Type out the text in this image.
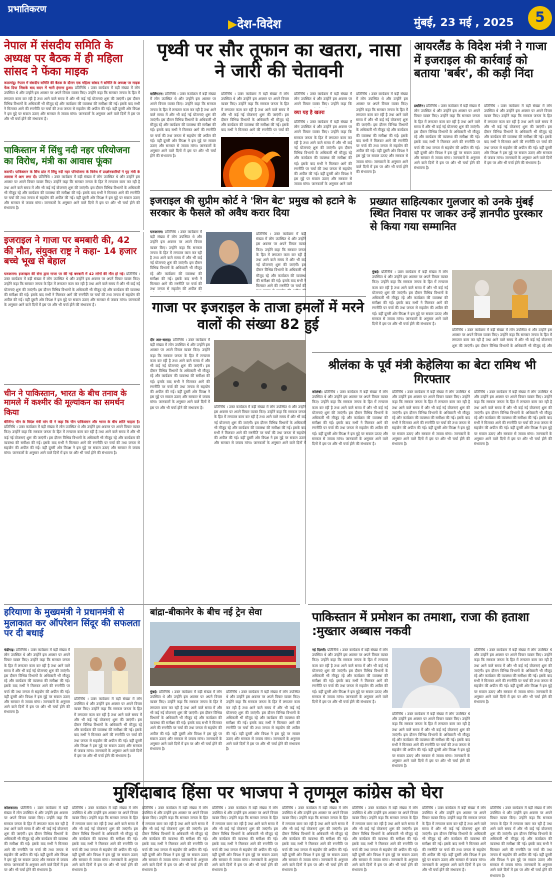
प्रभातिकरण
▶देश-विदेश	मुंबई, 23 मई , 2025	5
नेपाल में संसदीय समिति के अध्यक्ष पर बैठक में ही महिला सांसद ने फेंका माइक
काठमांडू। नेपाल में संसदीय समिति की बैठक के दौरान एक महिला सांसद ने समिति के अध्यक्ष पर माइक फेंक दिया जिसके बाद सदन में भारी हंगामा हुआ। प्रतिनिधि । उक्त कार्यक्रम में बड़ी संख्या में लोग उपस्थित थे और उन्होंने इस अवसर पर अपने विचार व्यक्त किए। उन्होंने कहा कि सरकार जनता के हित में लगातार काम कर रही है तथा आने वाले समय में और भी कई नई योजनाएं शुरू की जाएंगी। इस दौरान विभिन्न विभागों के अधिकारी भी मौजूद रहे और कार्यक्रम की व्यवस्था की समीक्षा की गई। इसके बाद सभी ने मिलकर आगे की रणनीति पर चर्चा की तथा जनता से सहयोग की अपील की गई। वहीं दूसरी ओर विपक्ष ने इस मुद्दे पर सवाल उठाए और सरकार से जवाब मांगा। जानकारों के अनुसार आने वाले दिनों में इस पर और भी चर्चा होने की संभावना है।
पाकिस्तान में सिंधु नदी नहर परियोजना का विरोध, मंत्री का आवास फूंका
कराची। पाकिस्तान के सिंध प्रांत में सिंधु नदी नहर परियोजना के विरोध में प्रदर्शनकारियों ने गृह मंत्री के आवास में आग लगा दी। प्रतिनिधि । उक्त कार्यक्रम में बड़ी संख्या में लोग उपस्थित थे और उन्होंने इस अवसर पर अपने विचार व्यक्त किए। उन्होंने कहा कि सरकार जनता के हित में लगातार काम कर रही है तथा आने वाले समय में और भी कई नई योजनाएं शुरू की जाएंगी। इस दौरान विभिन्न विभागों के अधिकारी भी मौजूद रहे और कार्यक्रम की व्यवस्था की समीक्षा की गई। इसके बाद सभी ने मिलकर आगे की रणनीति पर चर्चा की तथा जनता से सहयोग की अपील की गई। वहीं दूसरी ओर विपक्ष ने इस मुद्दे पर सवाल उठाए और सरकार से जवाब मांगा। जानकारों के अनुसार आने वाले दिनों में इस पर और भी चर्चा होने की संभावना है।
इजराइल ने गाजा पर बमबारी की, 42 की मौत, संयुक्त राष्ट्र ने कहा- 14 हजार बच्चे भूख से बेहाल
यरूशलम। इजराइल की सेना द्वारा गाजा पर की गई बमबारी में 42 लोगों की मौत हो गई। प्रतिनिधि । उक्त कार्यक्रम में बड़ी संख्या में लोग उपस्थित थे और उन्होंने इस अवसर पर अपने विचार व्यक्त किए। उन्होंने कहा कि सरकार जनता के हित में लगातार काम कर रही है तथा आने वाले समय में और भी कई नई योजनाएं शुरू की जाएंगी। इस दौरान विभिन्न विभागों के अधिकारी भी मौजूद रहे और कार्यक्रम की व्यवस्था की समीक्षा की गई। इसके बाद सभी ने मिलकर आगे की रणनीति पर चर्चा की तथा जनता से सहयोग की अपील की गई। वहीं दूसरी ओर विपक्ष ने इस मुद्दे पर सवाल उठाए और सरकार से जवाब मांगा। जानकारों के अनुसार आने वाले दिनों में इस पर और भी चर्चा होने की संभावना है।
चीन ने पाकिस्तान, भारत के बीच तनाव के मामले में कश्मीर की मूल्यांकन का समर्थन किया
बीजिंग। चीन के विदेश मंत्री वांग यी ने कहा कि चीन पाकिस्तान और भारत के बीच शांति चाहता है। प्रतिनिधि । उक्त कार्यक्रम में बड़ी संख्या में लोग उपस्थित थे और उन्होंने इस अवसर पर अपने विचार व्यक्त किए। उन्होंने कहा कि सरकार जनता के हित में लगातार काम कर रही है तथा आने वाले समय में और भी कई नई योजनाएं शुरू की जाएंगी। इस दौरान विभिन्न विभागों के अधिकारी भी मौजूद रहे और कार्यक्रम की व्यवस्था की समीक्षा की गई। इसके बाद सभी ने मिलकर आगे की रणनीति पर चर्चा की तथा जनता से सहयोग की अपील की गई। वहीं दूसरी ओर विपक्ष ने इस मुद्दे पर सवाल उठाए और सरकार से जवाब मांगा। जानकारों के अनुसार आने वाले दिनों में इस पर और भी चर्चा होने की संभावना है।
पृथ्वी पर सौर तूफान का खतरा, नासा ने जारी की चेतावनी
वाशिंगटन। प्रतिनिधि । उक्त कार्यक्रम में बड़ी संख्या में लोग उपस्थित थे और उन्होंने इस अवसर पर अपने विचार व्यक्त किए। उन्होंने कहा कि सरकार जनता के हित में लगातार काम कर रही है तथा आने वाले समय में और भी कई नई योजनाएं शुरू की जाएंगी। इस दौरान विभिन्न विभागों के अधिकारी भी मौजूद रहे और कार्यक्रम की व्यवस्था की समीक्षा की गई। इसके बाद सभी ने मिलकर आगे की रणनीति पर चर्चा की तथा जनता से सहयोग की अपील की गई। वहीं दूसरी ओर विपक्ष ने इस मुद्दे पर सवाल उठाए और सरकार से जवाब मांगा। जानकारों के अनुसार आने वाले दिनों में इस पर और भी चर्चा होने की संभावना है।
प्रतिनिधि । उक्त कार्यक्रम में बड़ी संख्या में लोग उपस्थित थे और उन्होंने इस अवसर पर अपने विचार व्यक्त किए। उन्होंने कहा कि सरकार जनता के हित में लगातार काम कर रही है तथा आने वाले समय में और भी कई नई योजनाएं शुरू की जाएंगी। इस दौरान विभिन्न विभागों के अधिकारी भी मौजूद रहे और कार्यक्रम की व्यवस्था की समीक्षा की गई। इसके बाद सभी ने मिलकर आगे की रणनीति पर चर्चा की
प्रतिनिधि । उक्त कार्यक्रम में बड़ी संख्या में लोग उपस्थित थे और उन्होंने इस अवसर पर अपने विचार व्यक्त किए। उन्होंने कहा कि
क्या यह है खतरा
प्रतिनिधि । उक्त कार्यक्रम में बड़ी संख्या में लोग उपस्थित थे और उन्होंने इस अवसर पर अपने विचार व्यक्त किए। उन्होंने कहा कि सरकार जनता के हित में लगातार काम कर रही है तथा आने वाले समय में और भी कई नई योजनाएं शुरू की जाएंगी। इस दौरान विभिन्न विभागों के अधिकारी भी मौजूद रहे और कार्यक्रम की व्यवस्था की समीक्षा की गई। इसके बाद सभी ने मिलकर आगे की रणनीति पर चर्चा की तथा जनता से सहयोग की अपील की गई। वहीं दूसरी ओर विपक्ष ने इस मुद्दे पर सवाल उठाए और सरकार से जवाब मांगा। जानकारों के अनुसार आने वाले
प्रतिनिधि । उक्त कार्यक्रम में बड़ी संख्या में लोग उपस्थित थे और उन्होंने इस अवसर पर अपने विचार व्यक्त किए। उन्होंने कहा कि सरकार जनता के हित में लगातार काम कर रही है तथा आने वाले समय में और भी कई नई योजनाएं शुरू की जाएंगी। इस दौरान विभिन्न विभागों के अधिकारी भी मौजूद रहे और कार्यक्रम की व्यवस्था की समीक्षा की गई। इसके बाद सभी ने मिलकर आगे की रणनीति पर चर्चा की तथा जनता से सहयोग की अपील की गई। वहीं दूसरी ओर विपक्ष ने इस मुद्दे पर सवाल उठाए और सरकार से जवाब मांगा। जानकारों के अनुसार आने वाले दिनों में इस पर और भी चर्चा होने की संभावना है।
आयरलैंड के विदेश मंत्री ने गाजा में इजराइल की कार्रवाई को बताया 'बर्बर', की कड़ी निंदा
डबलिन। प्रतिनिधि । उक्त कार्यक्रम में बड़ी संख्या में लोग उपस्थित थे और उन्होंने इस अवसर पर अपने विचार व्यक्त किए। उन्होंने कहा कि सरकार जनता के हित में लगातार काम कर रही है तथा आने वाले समय में और भी कई नई योजनाएं शुरू की जाएंगी। इस दौरान विभिन्न विभागों के अधिकारी भी मौजूद रहे और कार्यक्रम की व्यवस्था की समीक्षा की गई। इसके बाद सभी ने मिलकर आगे की रणनीति पर चर्चा की तथा जनता से सहयोग की अपील की गई। वहीं दूसरी ओर विपक्ष ने इस मुद्दे पर सवाल उठाए और सरकार से जवाब मांगा। जानकारों के अनुसार आने वाले दिनों में इस पर और भी चर्चा होने की संभावना है।
प्रतिनिधि । उक्त कार्यक्रम में बड़ी संख्या में लोग उपस्थित थे और उन्होंने इस अवसर पर अपने विचार व्यक्त किए। उन्होंने कहा कि सरकार जनता के हित में लगातार काम कर रही है तथा आने वाले समय में और भी कई नई योजनाएं शुरू की जाएंगी। इस दौरान विभिन्न विभागों के अधिकारी भी मौजूद रहे और कार्यक्रम की व्यवस्था की समीक्षा की गई। इसके बाद सभी ने मिलकर आगे की रणनीति पर चर्चा की तथा जनता से सहयोग की अपील की गई। वहीं दूसरी ओर विपक्ष ने इस मुद्दे पर सवाल उठाए और सरकार से जवाब मांगा। जानकारों के अनुसार आने वाले दिनों में इस पर और भी चर्चा होने की संभावना है।
इजराइल की सुप्रीम कोर्ट ने 'शिन बेट' प्रमुख को हटाने के सरकार के फैसले को अवैध करार दिया
यरूशलम। प्रतिनिधि । उक्त कार्यक्रम में बड़ी संख्या में लोग उपस्थित थे और उन्होंने इस अवसर पर अपने विचार व्यक्त किए। उन्होंने कहा कि सरकार जनता के हित में लगातार काम कर रही है तथा आने वाले समय में और भी कई नई योजनाएं शुरू की जाएंगी। इस दौरान विभिन्न विभागों के अधिकारी भी मौजूद रहे और कार्यक्रम की व्यवस्था की समीक्षा की गई। इसके बाद सभी ने मिलकर आगे की रणनीति पर चर्चा की तथा जनता से सहयोग की अपील की
प्रतिनिधि । उक्त कार्यक्रम में बड़ी संख्या में लोग उपस्थित थे और उन्होंने इस अवसर पर अपने विचार व्यक्त किए। उन्होंने कहा कि सरकार जनता के हित में लगातार काम कर रही है तथा आने वाले समय में और भी कई नई योजनाएं शुरू की जाएंगी। इस दौरान विभिन्न विभागों के अधिकारी भी मौजूद रहे और कार्यक्रम की व्यवस्था की समीक्षा की गई। इसके बाद सभी ने मिलकर आगे की रणनीति पर चर्चा की
प्रख्यात साहित्यकार गुलजार को उनके मुंबई स्थित निवास पर जाकर उन्हें ज्ञानपीठ पुरस्कार से किया गया सम्मानित
मुंबई। प्रतिनिधि । उक्त कार्यक्रम में बड़ी संख्या में लोग उपस्थित थे और उन्होंने इस अवसर पर अपने विचार व्यक्त किए। उन्होंने कहा कि सरकार जनता के हित में लगातार काम कर रही है तथा आने वाले समय में और भी कई नई योजनाएं शुरू की जाएंगी। इस दौरान विभिन्न विभागों के अधिकारी भी मौजूद रहे और कार्यक्रम की व्यवस्था की समीक्षा की गई। इसके बाद सभी ने मिलकर आगे की रणनीति पर चर्चा की तथा जनता से सहयोग की अपील की गई। वहीं दूसरी ओर विपक्ष ने इस मुद्दे पर सवाल उठाए और सरकार से जवाब मांगा। जानकारों के अनुसार आने वाले दिनों में इस पर और भी चर्चा होने की संभावना है।
प्रतिनिधि । उक्त कार्यक्रम में बड़ी संख्या में लोग उपस्थित थे और उन्होंने इस अवसर पर अपने विचार व्यक्त किए। उन्होंने कहा कि सरकार जनता के हित में लगातार काम कर रही है तथा आने वाले समय में और भी कई नई योजनाएं शुरू की जाएंगी। इस दौरान विभिन्न विभागों के अधिकारी भी मौजूद रहे और
गाजा पर इजराइल के ताजा हमलों में मरने वालों की संख्या 82 हुई
दीर अल-बलाह। प्रतिनिधि । उक्त कार्यक्रम में बड़ी संख्या में लोग उपस्थित थे और उन्होंने इस अवसर पर अपने विचार व्यक्त किए। उन्होंने कहा कि सरकार जनता के हित में लगातार काम कर रही है तथा आने वाले समय में और भी कई नई योजनाएं शुरू की जाएंगी। इस दौरान विभिन्न विभागों के अधिकारी भी मौजूद रहे और कार्यक्रम की व्यवस्था की समीक्षा की गई। इसके बाद सभी ने मिलकर आगे की रणनीति पर चर्चा की तथा जनता से सहयोग की अपील की गई। वहीं दूसरी ओर विपक्ष ने इस मुद्दे पर सवाल उठाए और सरकार से जवाब मांगा। जानकारों के अनुसार आने वाले दिनों में इस पर और भी चर्चा होने की संभावना है।	प्रतिनिधि । उक्त कार्यक्रम में बड़ी संख्या में लोग उपस्थित थे और उन्होंने इस अवसर पर अपने विचार व्यक्त किए। उन्होंने कहा कि सरकार जनता के हित में लगातार काम कर रही है तथा आने वाले समय में और भी कई नई योजनाएं शुरू की जाएंगी। इस दौरान विभिन्न विभागों के अधिकारी भी मौजूद रहे और कार्यक्रम की व्यवस्था की समीक्षा की गई। इसके बाद सभी ने मिलकर आगे की रणनीति पर चर्चा की तथा जनता से सहयोग की अपील की गई। वहीं दूसरी ओर विपक्ष ने इस मुद्दे पर सवाल उठाए और सरकार से जवाब मांगा। जानकारों के अनुसार आने वाले दिनों में
श्रीलंका के पूर्व मंत्री केहेलिया का बेटा रामिथ भी गिरफ्तार
कोलंबो। प्रतिनिधि । उक्त कार्यक्रम में बड़ी संख्या में लोग उपस्थित थे और उन्होंने इस अवसर पर अपने विचार व्यक्त किए। उन्होंने कहा कि सरकार जनता के हित में लगातार काम कर रही है तथा आने वाले समय में और भी कई नई योजनाएं शुरू की जाएंगी। इस दौरान विभिन्न विभागों के अधिकारी भी मौजूद रहे और कार्यक्रम की व्यवस्था की समीक्षा की गई। इसके बाद सभी ने मिलकर आगे की रणनीति पर चर्चा की तथा जनता से सहयोग की अपील की गई। वहीं दूसरी ओर विपक्ष ने इस मुद्दे पर सवाल उठाए और सरकार से जवाब मांगा। जानकारों के अनुसार आने वाले दिनों में इस पर और भी चर्चा होने की संभावना है।
प्रतिनिधि । उक्त कार्यक्रम में बड़ी संख्या में लोग उपस्थित थे और उन्होंने इस अवसर पर अपने विचार व्यक्त किए। उन्होंने कहा कि सरकार जनता के हित में लगातार काम कर रही है तथा आने वाले समय में और भी कई नई योजनाएं शुरू की जाएंगी। इस दौरान विभिन्न विभागों के अधिकारी भी मौजूद रहे और कार्यक्रम की व्यवस्था की समीक्षा की गई। इसके बाद सभी ने मिलकर आगे की रणनीति पर चर्चा की तथा जनता से सहयोग की अपील की गई। वहीं दूसरी ओर विपक्ष ने इस मुद्दे पर सवाल उठाए और सरकार से जवाब मांगा। जानकारों के अनुसार आने वाले दिनों में इस पर और भी चर्चा होने की संभावना है।
प्रतिनिधि । उक्त कार्यक्रम में बड़ी संख्या में लोग उपस्थित थे और उन्होंने इस अवसर पर अपने विचार व्यक्त किए। उन्होंने कहा कि सरकार जनता के हित में लगातार काम कर रही है तथा आने वाले समय में और भी कई नई योजनाएं शुरू की जाएंगी। इस दौरान विभिन्न विभागों के अधिकारी भी मौजूद रहे और कार्यक्रम की व्यवस्था की समीक्षा की गई। इसके बाद सभी ने मिलकर आगे की रणनीति पर चर्चा की तथा जनता से सहयोग की अपील की गई। वहीं दूसरी ओर विपक्ष ने इस मुद्दे पर सवाल उठाए और सरकार से जवाब मांगा। जानकारों के अनुसार आने वाले दिनों में इस पर और भी चर्चा होने की संभावना है।
हरियाणा के मुख्यमंत्री ने प्रधानमंत्री से मुलाकात कर ऑपरेशन सिंदूर की सफलता पर दी बधाई
चंडीगढ़। प्रतिनिधि । उक्त कार्यक्रम में बड़ी संख्या में लोग उपस्थित थे और उन्होंने इस अवसर पर अपने विचार व्यक्त किए। उन्होंने कहा कि सरकार जनता के हित में लगातार काम कर रही है तथा आने वाले समय में और भी कई नई योजनाएं शुरू की जाएंगी। इस दौरान विभिन्न विभागों के अधिकारी भी मौजूद रहे और कार्यक्रम की व्यवस्था की समीक्षा की गई। इसके बाद सभी ने मिलकर आगे की रणनीति पर चर्चा की तथा जनता से सहयोग की अपील की गई। वहीं दूसरी ओर विपक्ष ने इस मुद्दे पर सवाल उठाए और सरकार से जवाब मांगा। जानकारों के अनुसार आने वाले दिनों में इस पर और भी चर्चा होने की संभावना है।
प्रतिनिधि । उक्त कार्यक्रम में बड़ी संख्या में लोग उपस्थित थे और उन्होंने इस अवसर पर अपने विचार व्यक्त किए। उन्होंने कहा कि सरकार जनता के हित में लगातार काम कर रही है तथा आने वाले समय में और भी कई नई योजनाएं शुरू की जाएंगी। इस दौरान विभिन्न विभागों के अधिकारी भी मौजूद रहे और कार्यक्रम की व्यवस्था की समीक्षा की गई। इसके बाद सभी ने मिलकर आगे की रणनीति पर चर्चा की तथा जनता से सहयोग की अपील की गई। वहीं दूसरी ओर विपक्ष ने इस मुद्दे पर सवाल उठाए और सरकार से जवाब मांगा। जानकारों के अनुसार आने वाले दिनों में इस पर और भी चर्चा होने की संभावना है।
बांद्रा-बीकानेर के बीच नई ट्रेन सेवा
मुंबई। प्रतिनिधि । उक्त कार्यक्रम में बड़ी संख्या में लोग उपस्थित थे और उन्होंने इस अवसर पर अपने विचार व्यक्त किए। उन्होंने कहा कि सरकार जनता के हित में लगातार काम कर रही है तथा आने वाले समय में और भी कई नई योजनाएं शुरू की जाएंगी। इस दौरान विभिन्न विभागों के अधिकारी भी मौजूद रहे और कार्यक्रम की व्यवस्था की समीक्षा की गई। इसके बाद सभी ने मिलकर आगे की रणनीति पर चर्चा की तथा जनता से सहयोग की अपील की गई। वहीं दूसरी ओर विपक्ष ने इस मुद्दे पर सवाल उठाए और सरकार से जवाब मांगा। जानकारों के अनुसार आने वाले दिनों में इस पर और भी चर्चा होने की संभावना है।
प्रतिनिधि । उक्त कार्यक्रम में बड़ी संख्या में लोग उपस्थित थे और उन्होंने इस अवसर पर अपने विचार व्यक्त किए। उन्होंने कहा कि सरकार जनता के हित में लगातार काम कर रही है तथा आने वाले समय में और भी कई नई योजनाएं शुरू की जाएंगी। इस दौरान विभिन्न विभागों के अधिकारी भी मौजूद रहे और कार्यक्रम की व्यवस्था की समीक्षा की गई। इसके बाद सभी ने मिलकर आगे की रणनीति पर चर्चा की तथा जनता से सहयोग की अपील की गई। वहीं दूसरी ओर विपक्ष ने इस मुद्दे पर सवाल उठाए और सरकार से जवाब मांगा। जानकारों के अनुसार आने वाले दिनों में इस पर और भी चर्चा होने की संभावना है।
पाकिस्तान में प्रमोशन का तमाशा, राजा की हताशा :मुख्तार अब्बास नकवी
नई दिल्ली। प्रतिनिधि । उक्त कार्यक्रम में बड़ी संख्या में लोग उपस्थित थे और उन्होंने इस अवसर पर अपने विचार व्यक्त किए। उन्होंने कहा कि सरकार जनता के हित में लगातार काम कर रही है तथा आने वाले समय में और भी कई नई योजनाएं शुरू की जाएंगी। इस दौरान विभिन्न विभागों के अधिकारी भी मौजूद रहे और कार्यक्रम की व्यवस्था की समीक्षा की गई। इसके बाद सभी ने मिलकर आगे की रणनीति पर चर्चा की तथा जनता से सहयोग की अपील की गई। वहीं दूसरी ओर विपक्ष ने इस मुद्दे पर सवाल उठाए और सरकार से जवाब मांगा। जानकारों के अनुसार आने वाले दिनों में इस पर और भी चर्चा होने की संभावना है।
प्रतिनिधि । उक्त कार्यक्रम में बड़ी संख्या में लोग उपस्थित थे और उन्होंने इस अवसर पर अपने विचार व्यक्त किए। उन्होंने कहा कि सरकार जनता के हित में लगातार काम कर रही है तथा आने वाले समय में और भी कई नई योजनाएं शुरू की जाएंगी। इस दौरान विभिन्न विभागों के अधिकारी भी मौजूद रहे और कार्यक्रम की व्यवस्था की समीक्षा की गई। इसके बाद सभी ने मिलकर आगे की रणनीति पर चर्चा की तथा जनता से सहयोग की अपील की गई। वहीं दूसरी ओर विपक्ष ने इस मुद्दे पर सवाल उठाए और सरकार से जवाब मांगा। जानकारों के अनुसार आने वाले दिनों में इस पर और भी चर्चा होने की संभावना है।
प्रतिनिधि । उक्त कार्यक्रम में बड़ी संख्या में लोग उपस्थित थे और उन्होंने इस अवसर पर अपने विचार व्यक्त किए। उन्होंने कहा कि सरकार जनता के हित में लगातार काम कर रही है तथा आने वाले समय में और भी कई नई योजनाएं शुरू की जाएंगी। इस दौरान विभिन्न विभागों के अधिकारी भी मौजूद रहे और कार्यक्रम की व्यवस्था की समीक्षा की गई। इसके बाद सभी ने मिलकर आगे की रणनीति पर चर्चा की तथा जनता से सहयोग की अपील की गई। वहीं दूसरी ओर विपक्ष ने इस मुद्दे पर सवाल उठाए और सरकार से जवाब मांगा। जानकारों के अनुसार आने वाले दिनों में इस पर और भी चर्चा होने की संभावना है।
मुर्शिदाबाद हिंसा पर भाजपा ने तृणमूल कांग्रेस को घेरा
कोलकाता। प्रतिनिधि । उक्त कार्यक्रम में बड़ी संख्या में लोग उपस्थित थे और उन्होंने इस अवसर पर अपने विचार व्यक्त किए। उन्होंने कहा कि सरकार जनता के हित में लगातार काम कर रही है तथा आने वाले समय में और भी कई नई योजनाएं शुरू की जाएंगी। इस दौरान विभिन्न विभागों के अधिकारी भी मौजूद रहे और कार्यक्रम की व्यवस्था की समीक्षा की गई। इसके बाद सभी ने मिलकर आगे की रणनीति पर चर्चा की तथा जनता से सहयोग की अपील की गई। वहीं दूसरी ओर विपक्ष ने इस मुद्दे पर सवाल उठाए और सरकार से जवाब मांगा। जानकारों के अनुसार आने वाले दिनों में इस पर और भी चर्चा होने की संभावना है।
प्रतिनिधि । उक्त कार्यक्रम में बड़ी संख्या में लोग उपस्थित थे और उन्होंने इस अवसर पर अपने विचार व्यक्त किए। उन्होंने कहा कि सरकार जनता के हित में लगातार काम कर रही है तथा आने वाले समय में और भी कई नई योजनाएं शुरू की जाएंगी। इस दौरान विभिन्न विभागों के अधिकारी भी मौजूद रहे और कार्यक्रम की व्यवस्था की समीक्षा की गई। इसके बाद सभी ने मिलकर आगे की रणनीति पर चर्चा की तथा जनता से सहयोग की अपील की गई। वहीं दूसरी ओर विपक्ष ने इस मुद्दे पर सवाल उठाए और सरकार से जवाब मांगा। जानकारों के अनुसार आने वाले दिनों में इस पर और भी चर्चा होने की संभावना है।
प्रतिनिधि । उक्त कार्यक्रम में बड़ी संख्या में लोग उपस्थित थे और उन्होंने इस अवसर पर अपने विचार व्यक्त किए। उन्होंने कहा कि सरकार जनता के हित में लगातार काम कर रही है तथा आने वाले समय में और भी कई नई योजनाएं शुरू की जाएंगी। इस दौरान विभिन्न विभागों के अधिकारी भी मौजूद रहे और कार्यक्रम की व्यवस्था की समीक्षा की गई। इसके बाद सभी ने मिलकर आगे की रणनीति पर चर्चा की तथा जनता से सहयोग की अपील की गई। वहीं दूसरी ओर विपक्ष ने इस मुद्दे पर सवाल उठाए और सरकार से जवाब मांगा। जानकारों के अनुसार आने वाले दिनों में इस पर और भी चर्चा होने की संभावना है।
प्रतिनिधि । उक्त कार्यक्रम में बड़ी संख्या में लोग उपस्थित थे और उन्होंने इस अवसर पर अपने विचार व्यक्त किए। उन्होंने कहा कि सरकार जनता के हित में लगातार काम कर रही है तथा आने वाले समय में और भी कई नई योजनाएं शुरू की जाएंगी। इस दौरान विभिन्न विभागों के अधिकारी भी मौजूद रहे और कार्यक्रम की व्यवस्था की समीक्षा की गई। इसके बाद सभी ने मिलकर आगे की रणनीति पर चर्चा की तथा जनता से सहयोग की अपील की गई। वहीं दूसरी ओर विपक्ष ने इस मुद्दे पर सवाल उठाए और सरकार से जवाब मांगा। जानकारों के अनुसार आने वाले दिनों में इस पर और भी चर्चा होने की संभावना है।
प्रतिनिधि । उक्त कार्यक्रम में बड़ी संख्या में लोग उपस्थित थे और उन्होंने इस अवसर पर अपने विचार व्यक्त किए। उन्होंने कहा कि सरकार जनता के हित में लगातार काम कर रही है तथा आने वाले समय में और भी कई नई योजनाएं शुरू की जाएंगी। इस दौरान विभिन्न विभागों के अधिकारी भी मौजूद रहे और कार्यक्रम की व्यवस्था की समीक्षा की गई। इसके बाद सभी ने मिलकर आगे की रणनीति पर चर्चा की तथा जनता से सहयोग की अपील की गई। वहीं दूसरी ओर विपक्ष ने इस मुद्दे पर सवाल उठाए और सरकार से जवाब मांगा। जानकारों के अनुसार आने वाले दिनों में इस पर और भी चर्चा होने की संभावना है।
प्रतिनिधि । उक्त कार्यक्रम में बड़ी संख्या में लोग उपस्थित थे और उन्होंने इस अवसर पर अपने विचार व्यक्त किए। उन्होंने कहा कि सरकार जनता के हित में लगातार काम कर रही है तथा आने वाले समय में और भी कई नई योजनाएं शुरू की जाएंगी। इस दौरान विभिन्न विभागों के अधिकारी भी मौजूद रहे और कार्यक्रम की व्यवस्था की समीक्षा की गई। इसके बाद सभी ने मिलकर आगे की रणनीति पर चर्चा की तथा जनता से सहयोग की अपील की गई। वहीं दूसरी ओर विपक्ष ने इस मुद्दे पर सवाल उठाए और सरकार से जवाब मांगा। जानकारों के अनुसार आने वाले दिनों में इस पर और भी चर्चा होने की संभावना है।
प्रतिनिधि । उक्त कार्यक्रम में बड़ी संख्या में लोग उपस्थित थे और उन्होंने इस अवसर पर अपने विचार व्यक्त किए। उन्होंने कहा कि सरकार जनता के हित में लगातार काम कर रही है तथा आने वाले समय में और भी कई नई योजनाएं शुरू की जाएंगी। इस दौरान विभिन्न विभागों के अधिकारी भी मौजूद रहे और कार्यक्रम की व्यवस्था की समीक्षा की गई। इसके बाद सभी ने मिलकर आगे की रणनीति पर चर्चा की तथा जनता से सहयोग की अपील की गई। वहीं दूसरी ओर विपक्ष ने इस मुद्दे पर सवाल उठाए और सरकार से जवाब मांगा। जानकारों के अनुसार आने वाले दिनों में इस पर और भी चर्चा होने की संभावना है।
प्रतिनिधि । उक्त कार्यक्रम में बड़ी संख्या में लोग उपस्थित थे और उन्होंने इस अवसर पर अपने विचार व्यक्त किए। उन्होंने कहा कि सरकार जनता के हित में लगातार काम कर रही है तथा आने वाले समय में और भी कई नई योजनाएं शुरू की जाएंगी। इस दौरान विभिन्न विभागों के अधिकारी भी मौजूद रहे और कार्यक्रम की व्यवस्था की समीक्षा की गई। इसके बाद सभी ने मिलकर आगे की रणनीति पर चर्चा की तथा जनता से सहयोग की अपील की गई। वहीं दूसरी ओर विपक्ष ने इस मुद्दे पर सवाल उठाए और सरकार से जवाब मांगा। जानकारों के अनुसार आने वाले दिनों में इस पर और भी चर्चा होने की संभावना है।
